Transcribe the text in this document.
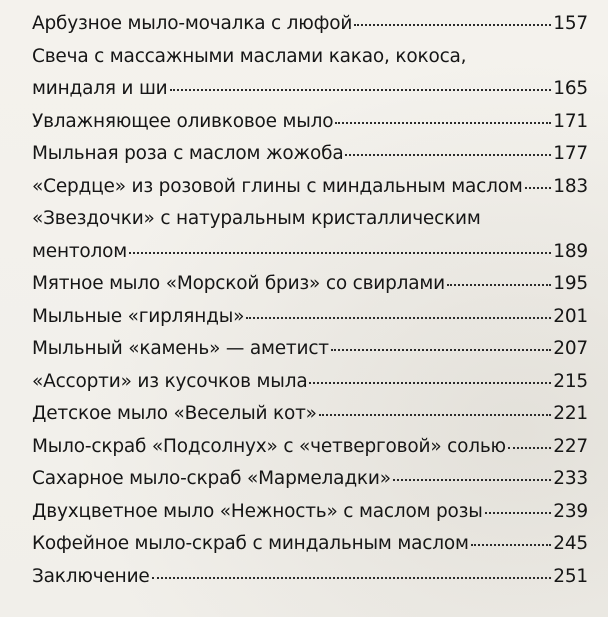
Арбузное мыло-мочалка с люфой	157
Свеча с массажными маслами какао, кокоса,
миндаля и ши	165
Увлажняющее оливковое мыло	171
Мыльная роза с маслом жожоба	177
«Сердце» из розовой глины с миндальным маслом 183
«Звездочки» с натуральным кристаллическим
ментолом	189
Мятное мыло «Морской бриз» со свирлами	195
Мыльные «гирлянды»	201
Мыльный «камень» — аметист	207
«Ассорти» из кусочков мыла	215
Детское мыло «Веселый кот»	221
Мыло-скраб «Подсолнух» с «четверговой» солью	227
Сахарное мыло-скраб «Мармеладки»	233
Двухцветное мыло «Нежность» с маслом розы	239
Кофейное мыло-скраб с миндальным маслом	245
Заключение	251
